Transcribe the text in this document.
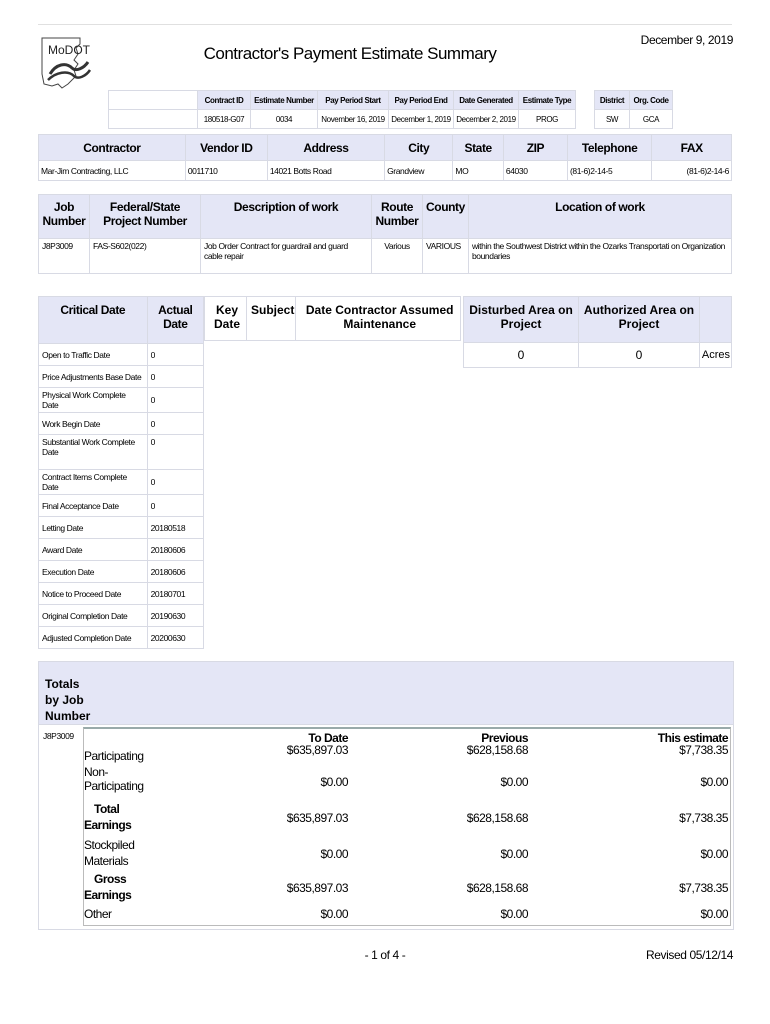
MoDOT	Contractor's Payment Estimate Summary
December 9, 2019
	Contract ID	Estimate Number	Pay Period Start	Pay Period End	Date Generated	Estimate Type		District	Org. Code
	180518-G07	0034	November 16, 2019	December 1, 2019	December 2, 2019	PROG		SW	GCA
Contractor	Vendor ID	Address	City	State	ZIP	Telephone	FAX
Mar-Jim Contracting, LLC	0011710	14021 Botts Road	Grandview	MO	64030	(81-6)2-14-5	(81-6)2-14-6
Job Number	Federal/State Project Number	Description of work	Route Number	County	Location of work
J8P3009	FAS-S602(022)	Job Order Contract for guardrail and guard cable repair	Various	VARIOUS	within the Southwest District within the Ozarks Transportati on Organization boundaries
Critical Date	Actual Date
Open to Traffic Date	0
Price Adjustments Base Date	0
Physical Work Complete Date	0
Work Begin Date	0
Substantial Work Complete Date	0
Contract Items Complete Date	0
Final Acceptance Date	0
Letting Date	20180518
Award Date	20180606
Execution Date	20180606
Notice to Proceed Date	20180701
Original Completion Date	20190630
Adjusted Completion Date	20200630
Key Date	Subject	Date Contractor Assumed Maintenance
Disturbed Area on Project	Authorized Area on Project	
0	0	Acres
Totals by Job Number
J8P3009	To Date	Previous	This estimate
Participating	$635,897.03	$628,158.68	$7,738.35
Non-Participating	$0.00	$0.00	$0.00
Total Earnings	$635,897.03	$628,158.68	$7,738.35
Stockpiled Materials	$0.00	$0.00	$0.00
Gross Earnings	$635,897.03	$628,158.68	$7,738.35
Other	$0.00	$0.00	$0.00
- 1 of 4 -	Revised 05/12/14
